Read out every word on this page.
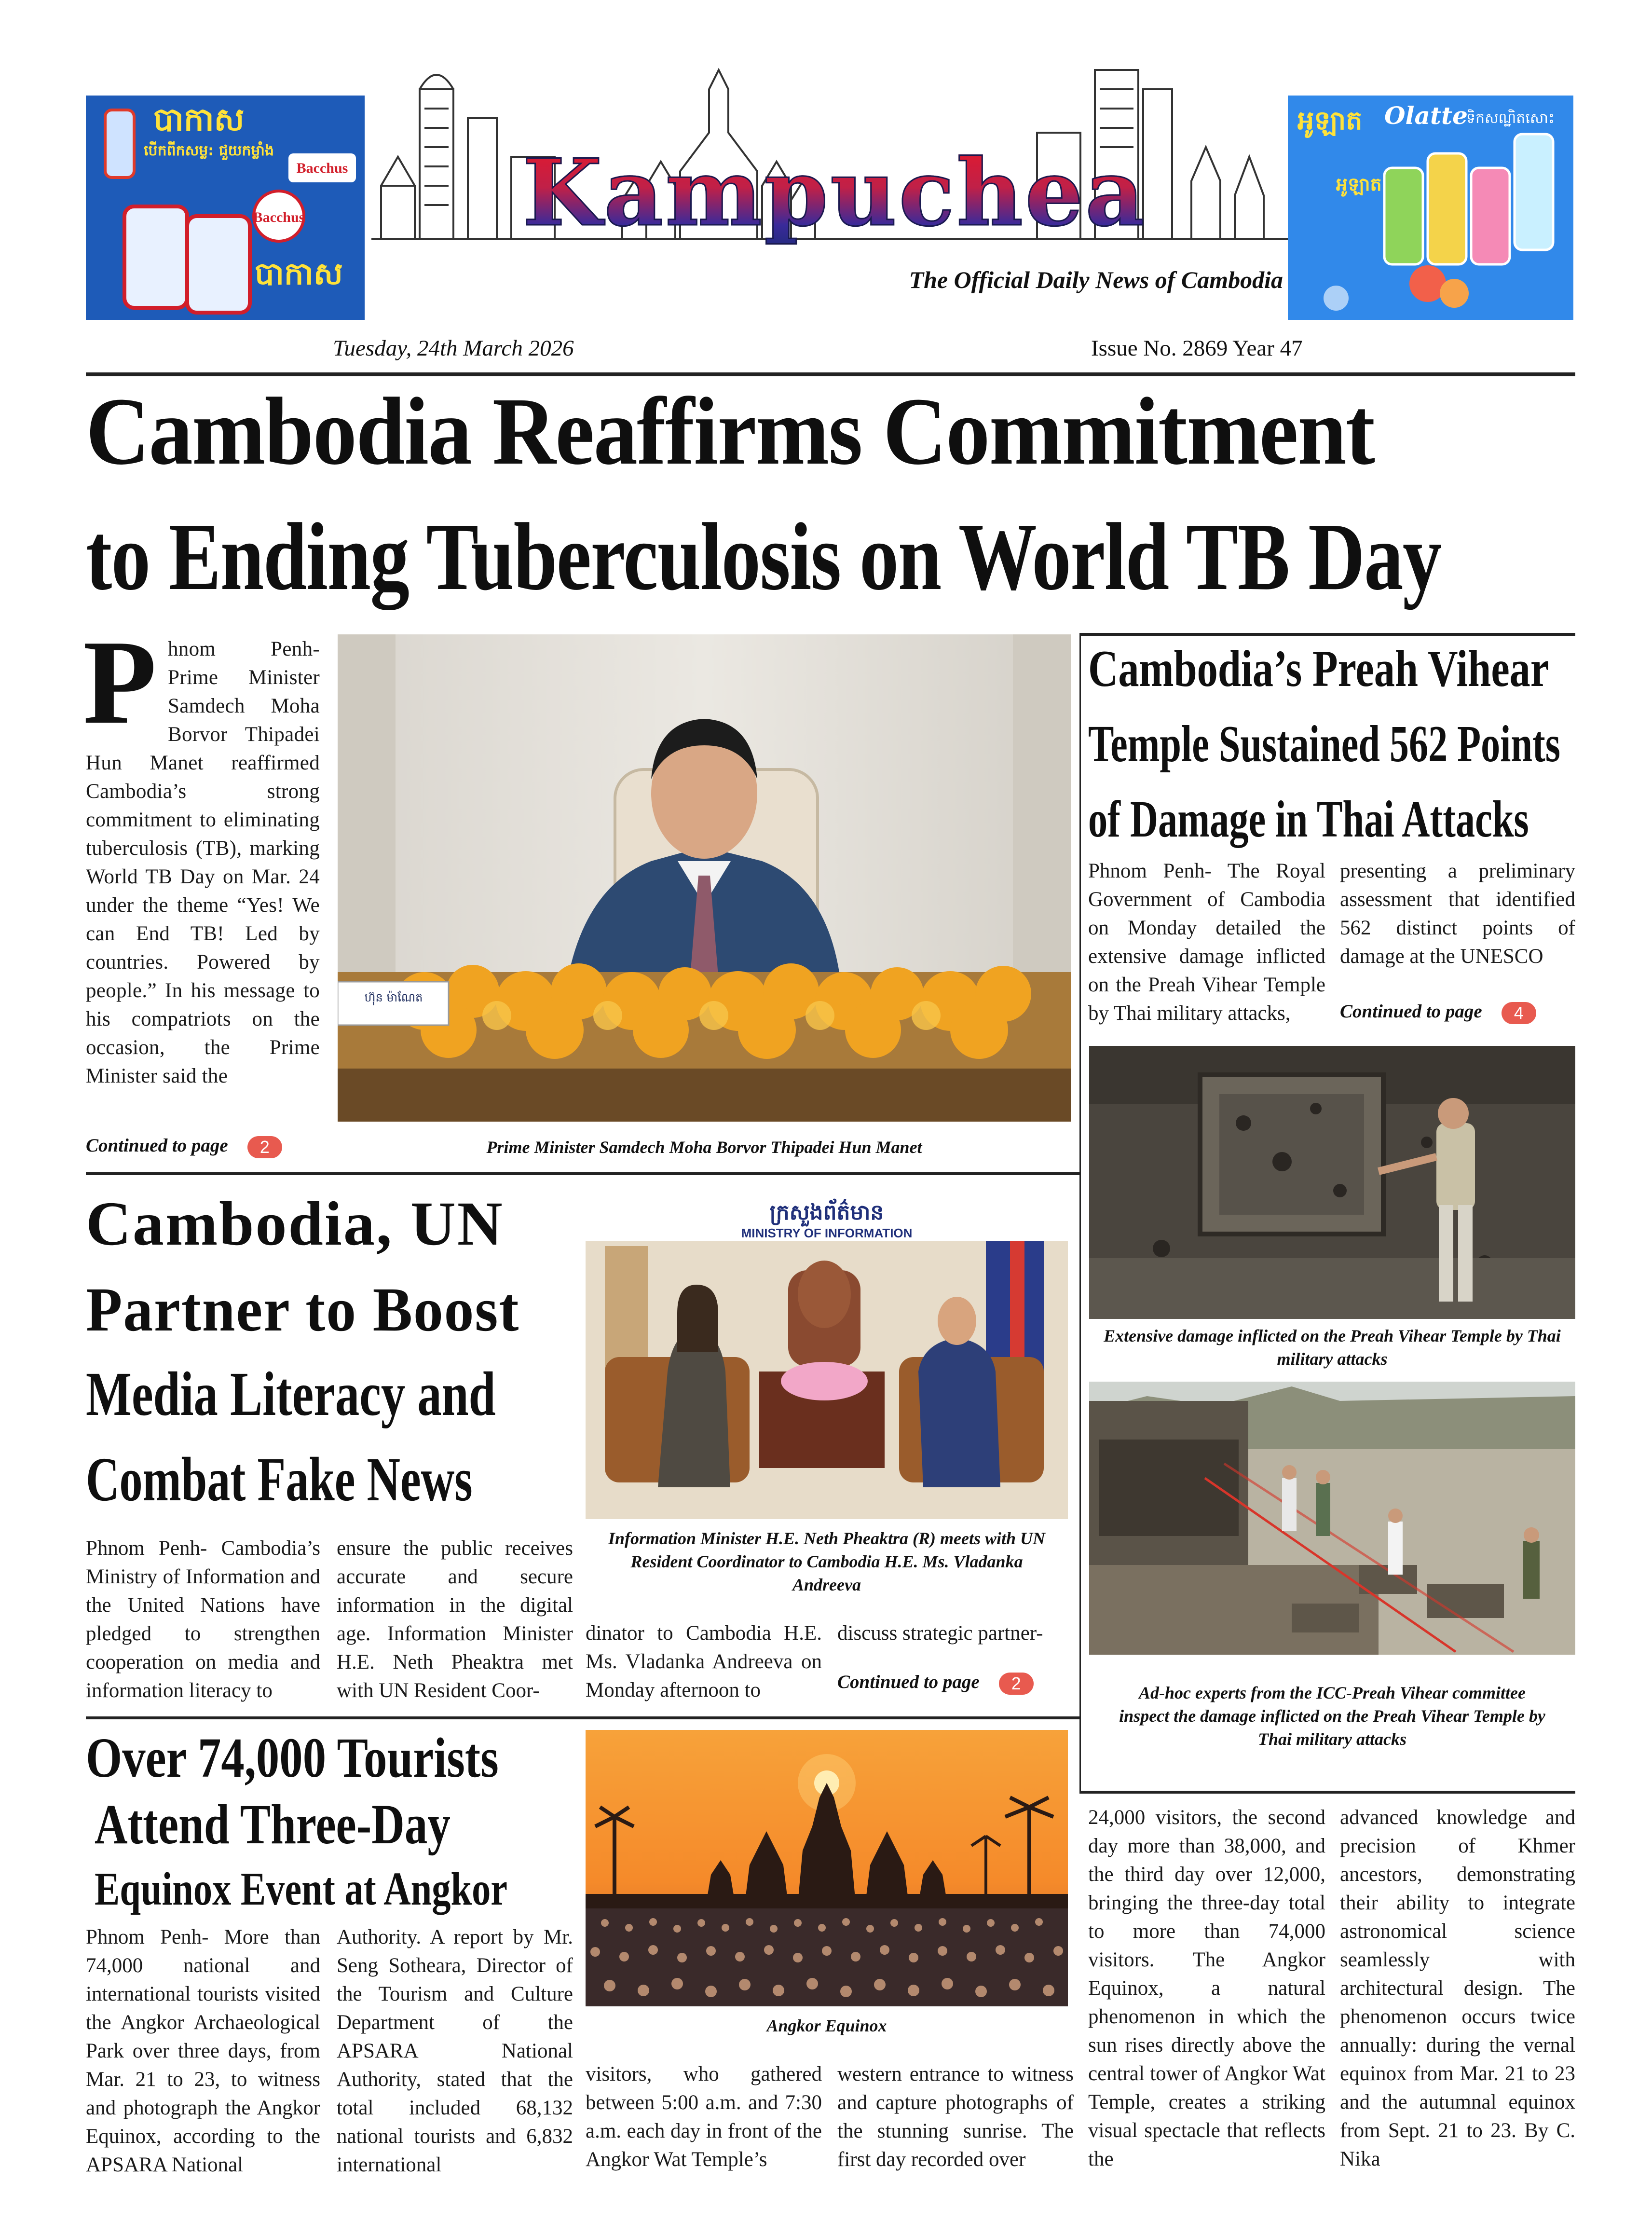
Bacchus
Bacchus
បាកាស
បើកពីកសម្ល: ជួយកម្លាំង
បាកាស
Kampuchea
The Official Daily News of Cambodia
អូឡាត Olatte
ទិកសណ្ឋិតសោះ
អូឡាត
Tuesday, 24th March 2026	Issue No. 2869 Year 47
Cambodia Reaffirms Commitment
to Ending Tuberculosis on World TB Day
P hnom Penh- Prime Minister Samdech Moha Borvor Thipadei Hun Manet reaffirmed Cambodia’s strong commitment to eliminating tuberculosis (TB), marking World TB Day on Mar. 24 under the theme “Yes! We can End TB! Led by countries. Powered by people.” In his message to his compatriots on the occasion, the Prime Minister said the
ហ៊ុន ម៉ាណែត
Continued to page 2	Prime Minister Samdech Moha Borvor Thipadei Hun Manet
Cambodia’s Preah Vihear
Temple Sustained 562 Points
of Damage in Thai Attacks
Phnom Penh- The Royal Government of Cambodia on Monday detailed the extensive damage inflicted on the Preah Vihear Temple by Thai military attacks,
presenting a preliminary assessment that identified 562 distinct points of damage at the UNESCO
Continued to page 4
Extensive damage inflicted on the Preah Vihear Temple by Thai military attacks
Ad-hoc experts from the ICC-Preah Vihear committee inspect the damage inflicted on the Preah Vihear Temple by Thai military attacks
Cambodia, UN
Partner to Boost
Media Literacy and
Combat Fake News
ក្រសួងព័ត៌មាន
MINISTRY OF INFORMATION
Information Minister H.E. Neth Pheaktra (R) meets with UN Resident Coordinator to Cambodia H.E. Ms. Vladanka Andreeva
Phnom Penh- Cambodia’s Ministry of Information and the United Nations have pledged to strengthen cooperation on media and information literacy to
ensure the public receives accurate and secure information in the digital age. Information Minister H.E. Neth Pheaktra met with UN Resident Coor-
dinator to Cambodia H.E. Ms. Vladanka Andreeva on Monday afternoon to
discuss strategic partner-
Continued to page 2
Over 74,000 Tourists
Attend Three-Day
Equinox Event at Angkor
Angkor Equinox
Phnom Penh- More than 74,000 national and international tourists visited the Angkor Archaeological Park over three days, from Mar. 21 to 23, to witness and photograph the Angkor Equinox, according to the APSARA National
Authority. A report by Mr. Seng Sotheara, Director of the Tourism and Culture Department of the APSARA National Authority, stated that the total included 68,132 national tourists and 6,832 international
visitors, who gathered between 5:00 a.m. and 7:30 a.m. each day in front of the Angkor Wat Temple’s
western entrance to witness and capture photographs of the stunning sunrise. The first day recorded over
24,000 visitors, the second day more than 38,000, and the third day over 12,000, bringing the three-day total to more than 74,000 visitors. The Angkor Equinox, a natural phenomenon in which the sun rises directly above the central tower of Angkor Wat Temple, creates a striking visual spectacle that reflects the
advanced knowledge and precision of Khmer ancestors, demonstrating their ability to integrate astronomical science seamlessly with architectural design. The phenomenon occurs twice annually: during the vernal equinox from Mar. 21 to 23 and the autumnal equinox from Sept. 21 to 23. By C. Nika
